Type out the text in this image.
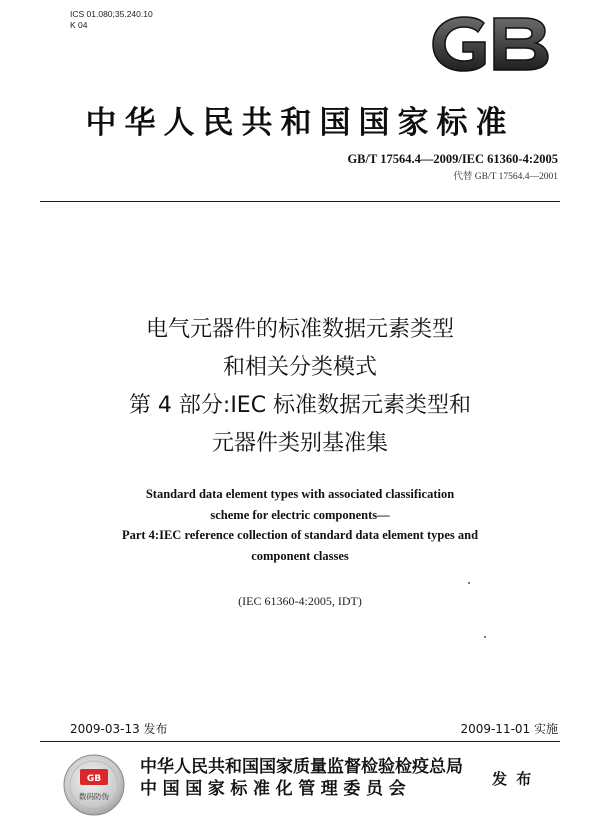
ICS 01.080;35.240.10
K 04
GB
中华人民共和国国家标准
GB/T 17564.4—2009/IEC 61360-4:2005
代替 GB/T 17564.4—2001
电气元器件的标准数据元素类型
和相关分类模式
第 4 部分:IEC 标准数据元素类型和
元器件类别基准集
Standard data element types with associated classification
scheme for electric components—
Part 4:IEC reference collection of standard data element types and
component classes
(IEC 61360-4:2005, IDT)
2009-03-13 发布	2009-11-01 实施
GB
数码防伪
中华人民共和国国家质量监督检验检疫总局
中国国家标准化管理委员会	发 布
